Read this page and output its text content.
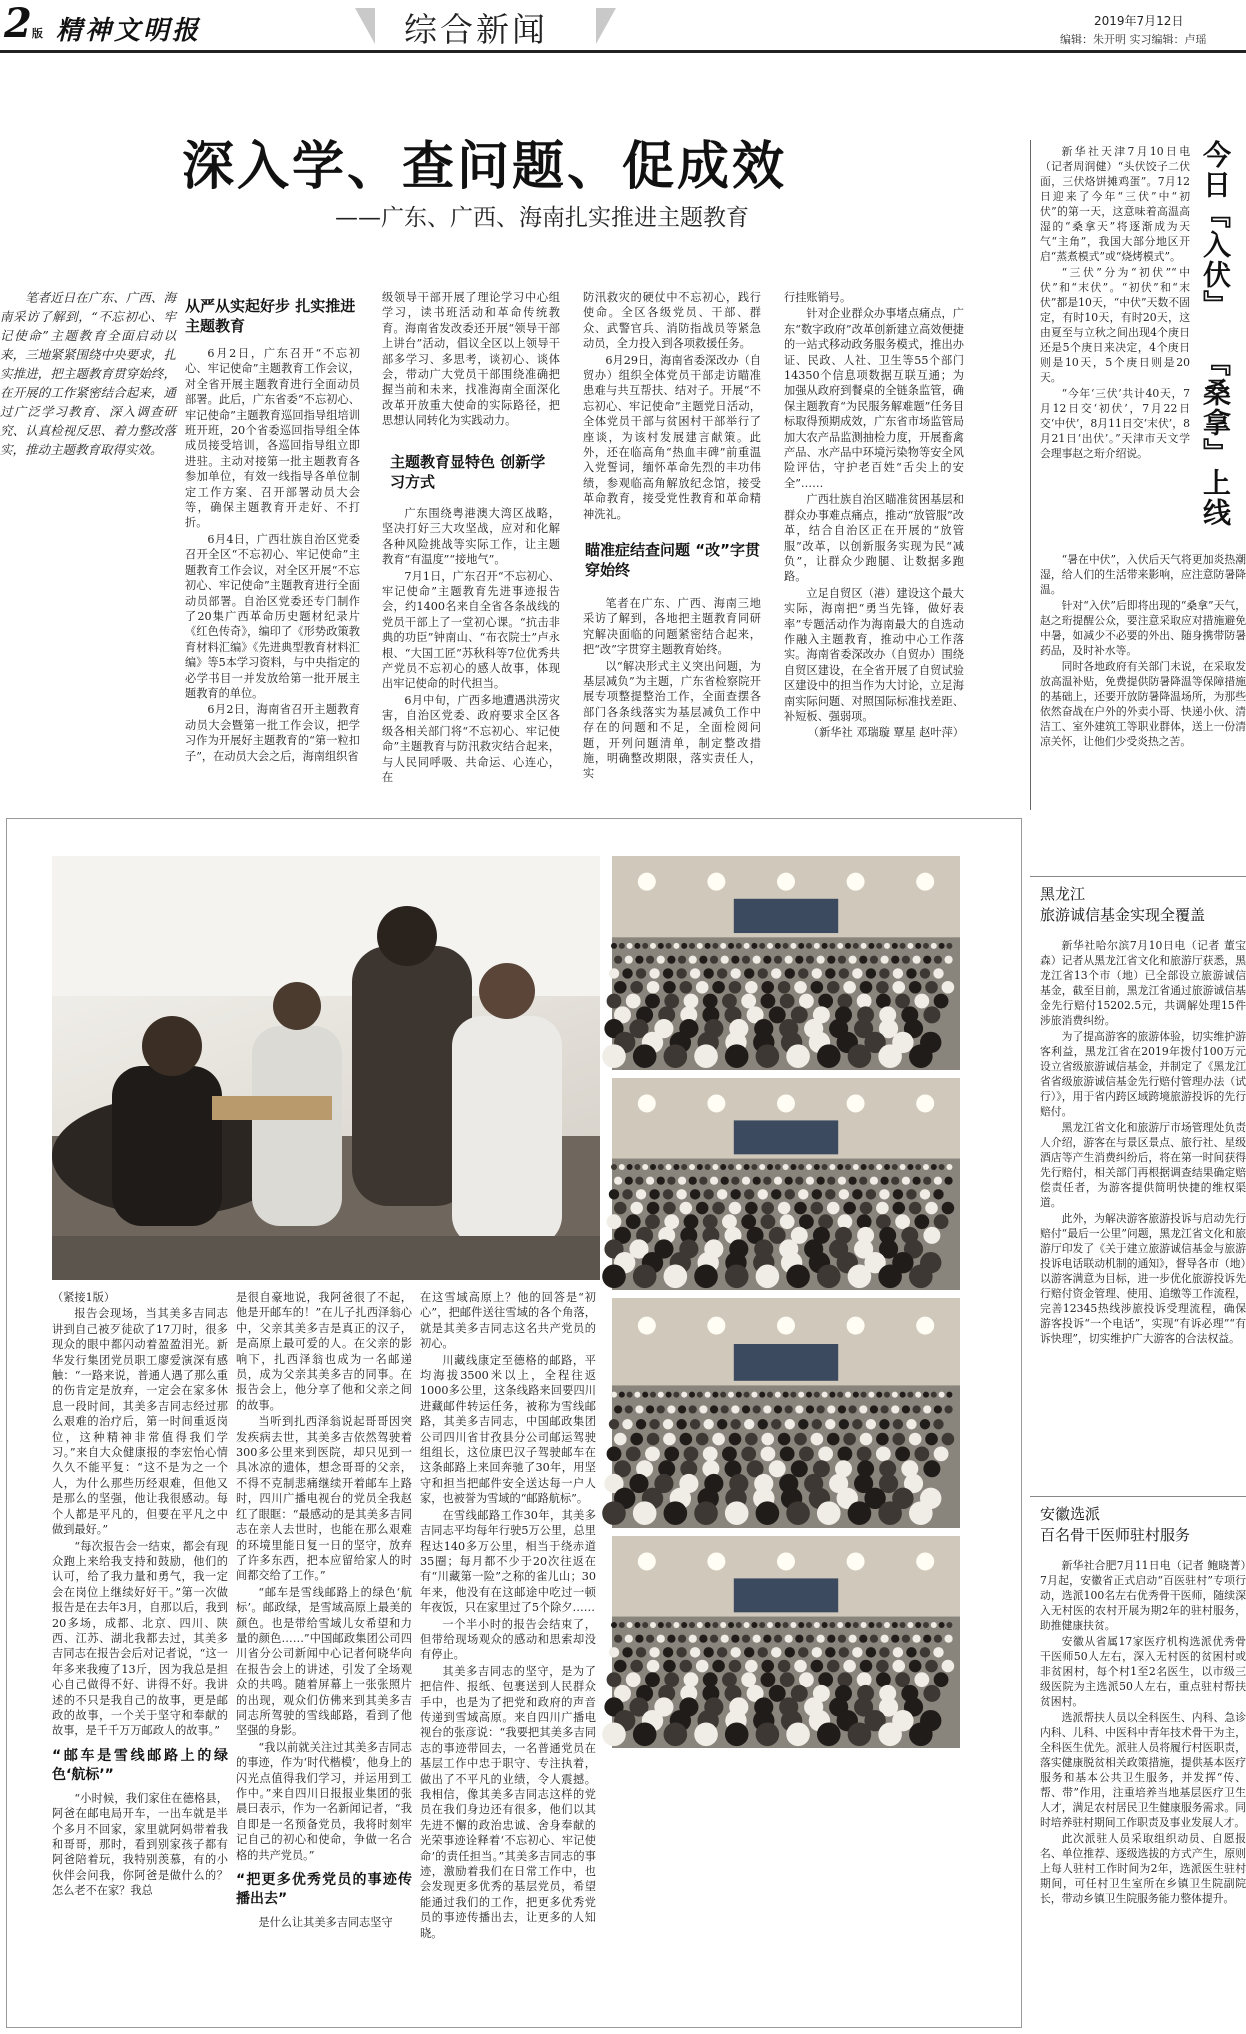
2版 精神文明报	综合新闻	2019年7月12日
编辑：朱开明 实习编辑：卢瑶
深入学、查问题、促成效
——广东、广西、海南扎实推进主题教育

笔者近日在广东、广西、海南采访了解到，“不忘初心、牢记使命”主题教育全面启动以来，三地紧紧围绕中央要求，扎实推进，把主题教育贯穿始终，在开展的工作紧密结合起来，通过广泛学习教育、深入调查研究、认真检视反思、着力整改落实，推动主题教育取得实效。

从严从实起好步 扎实推进主题教育

6月2日，广东召开“不忘初心、牢记使命”主题教育工作会议，对全省开展主题教育进行全面动员部署。此后，广东省委“不忘初心、牢记使命”主题教育巡回指导组培训班开班，20个省委巡回指导组全体成员接受培训，各巡回指导组立即进驻。主动对接第一批主题教育各参加单位，有效一线指导各单位制定工作方案、召开部署动员大会等，确保主题教育开走好、不打折。

6月4日，广西壮族自治区党委召开全区“不忘初心、牢记使命”主题教育工作会议，对全区开展“不忘初心、牢记使命”主题教育进行全面动员部署。自治区党委还专门制作了20集广西革命历史题材纪录片《红色传奇》，编印了《形势政策教育材料汇编》《先进典型教育材料汇编》等5本学习资料，与中央指定的必学书目一并发放给第一批开展主题教育的单位。

6月2日，海南省召开主题教育动员大会暨第一批工作会议，把学习作为开展好主题教育的“第一粒扣子”，在动员大会之后，海南组织省

级领导干部开展了理论学习中心组学习，读书班活动和革命传统教育。海南省发改委还开展“领导干部上讲台”活动，倡议全区以上领导干部多学习、多思考，谈初心、谈体会，带动广大党员干部围绕准确把握当前和未来，找准海南全面深化改革开放重大使命的实际路径，把思想认同转化为实践动力。

主题教育显特色 创新学习方式

广东围绕粤港澳大湾区战略，坚决打好三大攻坚战，应对和化解各种风险挑战等实际工作，让主题教育“有温度”“接地气”。

7月1日，广东召开“不忘初心、牢记使命”主题教育先进事迹报告会，约1400名来自全省各条战线的党员干部上了一堂初心课。“抗击非典的功臣”钟南山、“布衣院士”卢永根、“大国工匠”苏秋科等7位优秀共产党员不忘初心的感人故事，体现出牢记使命的时代担当。

6月中旬，广西多地遭遇洪涝灾害，自治区党委、政府要求全区各级各相关部门将“不忘初心、牢记使命”主题教育与防汛救灾结合起来，与人民同呼吸、共命运、心连心，在

防汛救灾的硬仗中不忘初心，践行使命。全区各级党员、干部、群众、武警官兵、消防指战员等紧急动员，全力投入到各项救援任务。

6月29日，海南省委深改办（自贸办）组织全体党员干部走访瞄准患难与共互帮扶、结对子。开展“不忘初心、牢记使命”主题党日活动，全体党员干部与贫困村干部举行了座谈，为该村发展建言献策。此外，还在临高角“热血丰碑”前重温入党誓词，缅怀革命先烈的丰功伟绩，参观临高角解放纪念馆，接受革命教育，接受党性教育和革命精神洗礼。

瞄准症结查问题 “改”字贯穿始终

笔者在广东、广西、海南三地采访了解到，各地把主题教育同研究解决面临的问题紧密结合起来，把“改”字贯穿主题教育始终。

以“解决形式主义突出问题，为基层减负”为主题，广东省检察院开展专项整提整治工作，全面查摆各部门各条线落实为基层减负工作中存在的问题和不足，全面检阅问题，开列问题清单，制定整改措施，明确整改期限，落实责任人，实

行挂账销号。

针对企业群众办事堵点痛点，广东“数字政府”改革创新建立高效便捷的一站式移动政务服务模式，推出办证、民政、人社、卫生等55个部门14350个信息项数据互联互通；为加强从政府到餐桌的全链条监管，确保主题教育“为民服务解难题”任务目标取得预期成效，广东省市场监管局加大农产品监测抽检力度，开展畜禽产品、水产品中环境污染物等安全风险评估，守护老百姓“舌尖上的安全”……

广西壮族自治区瞄准贫困基层和群众办事难点痛点，推动“放管服”改革，结合自治区正在开展的“放管服”改革，以创新服务实现为民“减负”，让群众少跑腿、让数据多跑路。

立足自贸区（港）建设这个最大实际，海南把“勇当先锋，做好表率”专题活动作为海南最大的自选动作融入主题教育，推动中心工作落实。海南省委深改办（自贸办）围绕自贸区建设，在全省开展了自贸试验区建设中的担当作为大讨论，立足海南实际问题、对照国际标准找差距、补短板、强弱项。

（新华社 邓瑞璇 覃星 赵叶萍）

新华社天津7月10日电（记者周润健）“头伏饺子二伏面，三伏烙饼摊鸡蛋”。7月12日迎来了今年“三伏”中“初伏”的第一天，这意味着高温高湿的“桑拿天”将逐渐成为天气“主角”，我国大部分地区开启“蒸煮模式”或“烧烤模式”。

“三伏”分为“初伏”“中伏”和“末伏”。“初伏”和“末伏”都是10天，“中伏”天数不固定，有时10天，有时20天，这由夏至与立秋之间出现4个庚日还是5个庚日来决定，4个庚日则是10天，5个庚日则是20天。

“今年‘三伏’共计40天，7月12日交‘初伏’，7月22日交‘中伏’，8月11日交‘末伏’，8月21日‘出伏’。”天津市天文学会理事赵之珩介绍说。

今日『入伏』
『桑拿』上线

“暑在中伏”，入伏后天气将更加炎热潮湿，给人们的生活带来影响，应注意防暑降温。

针对“入伏”后即将出现的“桑拿”天气，赵之珩提醒公众，要注意采取应对措施避免中暑，如减少不必要的外出、随身携带防暑药品，及时补水等。

同时各地政府有关部门未说，在采取发放高温补贴，免费提供防暑降温等保障措施的基础上，还要开放防暑降温场所，为那些依然奋战在户外的外卖小哥、快递小伙、清洁工、室外建筑工等职业群体，送上一份清凉关怀，让他们少受炎热之苦。

黑龙江
旅游诚信基金实现全覆盖

新华社哈尔滨7月10日电（记者 董宝森）记者从黑龙江省文化和旅游厅获悉，黑龙江省13个市（地）已全部设立旅游诚信基金，截至目前，黑龙江省通过旅游诚信基金先行赔付15202.5元，共调解处理15件涉旅消费纠纷。

为了提高游客的旅游体验，切实维护游客利益，黑龙江省在2019年拨付100万元设立省级旅游诚信基金，并制定了《黑龙江省省级旅游诚信基金先行赔付管理办法（试行）》，用于省内跨区域跨境旅游投诉的先行赔付。

黑龙江省文化和旅游厅市场管理处负责人介绍，游客在与景区景点、旅行社、星级酒店等产生消费纠纷后，将在第一时间获得先行赔付，相关部门再根据调查结果确定赔偿责任者，为游客提供简明快捷的维权渠道。

此外，为解决游客旅游投诉与启动先行赔付“最后一公里”问题，黑龙江省文化和旅游厅印发了《关于建立旅游诚信基金与旅游投诉电话联动机制的通知》，督导各市（地）以游客满意为目标，进一步优化旅游投诉先行赔付资金管理、使用、追缴等工作流程，完善12345热线涉旅投诉受理流程，确保游客投诉“一个电话”，实现“有诉必理”“有诉快理”，切实维护广大游客的合法权益。

安徽选派
百名骨干医师驻村服务

新华社合肥7月11日电（记者 鲍晓菁）7月起，安徽省正式启动“百医驻村”专项行动，选派100名左右优秀骨干医师，随续深入无村医的农村开展为期2年的驻村服务，助推健康扶贫。

安徽从省属17家医疗机构选派优秀骨干医师50人左右，深入无村医的贫困村或非贫困村，每个村1至2名医生，以市级三级医院为主选派50人左右，重点驻村帮扶贫困村。

选派帮扶人员以全科医生、内科、急诊内科、儿科、中医科中青年技术骨干为主，全科医生优先。派驻人员将履行村医职责，落实健康脱贫相关政策措施，提供基本医疗服务和基本公共卫生服务，并发挥“传、帮、带”作用，注重培养当地基层医疗卫生人才，满足农村居民卫生健康服务需求。同时培养驻村期间工作职责及事业发展人才。

此次派驻人员采取组织动员、自愿报名、单位推荐、逐级选拔的方式产生，原则上每人驻村工作时间为2年，选派医生驻村期间，可任村卫生室所在乡镇卫生院副院长，带动乡镇卫生院服务能力整体提升。

（紧接1版）

报告会现场，当其美多吉同志讲到自己被歹徒砍了17刀时，很多现众的眼中都闪动着盈盈泪光。新华发行集团党员职工廖爱演深有感触：“一路来说，普通人遇了那么重的伤肯定是放弃，一定会在家多休息一段时间，其美多吉同志经过那么艰难的治疗后，第一时间重返岗位，这种精神非常值得我们学习。”来自大众健康报的李宏怡心情久久不能平复：“这不是为之一个人，为什么那些历经艰难，但他又是那么的坚强，他让我很感动。每个人都是平凡的，但要在平凡之中做到最好。”

“每次报告会一结束，都会有现众跑上来给我支持和鼓励，他们的认可，给了我力量和勇气，我一定会在岗位上继续好好干。”第一次做报告是在去年3月，自那以后，我到20多场，成都、北京、四川、陕西、江苏、湖北我都去过，其美多吉同志在报告会后对记者说，“这一年多来我瘦了13斤，因为我总是担心自己做得不好、讲得不好。我讲述的不只是我自己的故事，更是邮政的故事，一个关于坚守和奉献的故事，是千千万万邮政人的故事。”

“邮车是雪线邮路上的绿色‘航标’”

“小时候，我们家住在德格县，阿爸在邮电局开车，一出车就是半个多月不回家，家里就阿妈带着我和哥哥，那时，看到别家孩子都有阿爸陪着玩，我特别羡慕，有的小伙伴会问我，你阿爸是做什么的？怎么老不在家？我总

是很自豪地说，我阿爸很了不起，他是开邮车的！”在儿子扎西泽翁心中，父亲其美多吉是真正的汉子，是高原上最可爱的人。在父亲的影响下，扎西泽翁也成为一名邮递员，成为父亲其美多吉的同事。在报告会上，他分享了他和父亲之间的故事。

当听到扎西泽翁说起哥哥因突发疾病去世，其美多吉依然驾驶着300多公里来到医院，却只见到一具冰凉的遗体，想念哥哥的父亲，不得不克制悲痛继续开着邮车上路时，四川广播电视台的党员全我赵红了眼眶：“最感动的是其美多吉同志在亲人去世时，也能在那么艰难的环境里能日复一日的坚守，放弃了许多东西，把本应留给家人的时间都交给了工作。”

“邮车是雪线邮路上的绿色‘航标’。邮政绿，是雪域高原上最美的颜色。也是带给雪域儿女希望和力量的颜色……”中国邮政集团公司四川省分公司新闻中心记者何晓华向在报告会上的讲述，引发了全场观众的共鸣。随着屏幕上一张张照片的出现，观众们仿佛来到其美多吉同志所驾驶的雪线邮路，看到了他坚强的身影。

“我以前就关注过其美多吉同志的事迹，作为‘时代楷模’，他身上的闪光点值得我们学习，并运用到工作中。”来自四川日报报业集团的张晨曰表示，作为一名新闻记者，“我自即是一名预备党员，我将时刻牢记自己的初心和使命，争做一名合格的共产党员。”

“把更多优秀党员的事迹传播出去”

是什么让其美多吉同志坚守

在这雪域高原上？他的回答是“初心”，把邮件送往雪域的各个角落，就是其美多吉同志这名共产党员的初心。

川藏线康定至德格的邮路，平均海拔3500米以上，全程往返1000多公里，这条线路来回要四川进藏邮件转运任务，被称为雪线邮路，其美多吉同志，中国邮政集团公司四川省甘孜县分公司邮运驾驶组组长，这位康巴汉子驾驶邮车在这条邮路上来回奔驰了30年，用坚守和担当把邮件安全送达每一户人家，也被誉为雪域的“邮路航标”。

在雪线邮路工作30年，其美多吉同志平均每年行驶5万公里，总里程达140多万公里，相当于绕赤道35圈；每月都不少于20次往返在有“川藏第一险”之称的雀儿山；30年来，他没有在这邮途中吃过一顿年夜饭，只在家里过了5个除夕……

一个半小时的报告会结束了，但带给现场观众的感动和思索却没有停止。

其美多吉同志的坚守，是为了把信件、报纸、包裹送到人民群众手中，也是为了把党和政府的声音传递到雪域高原。来自四川广播电视台的张彦说：“我要把其美多吉同志的事迹带回去，一名普通党员在基层工作中忠于职守、专注执着，做出了不平凡的业绩，令人震撼。我相信，像其美多吉同志这样的党员在我们身边还有很多，他们以其先进不懈的政治忠诚、舍身奉献的光荣事迹诠释着‘不忘初心、牢记使命’的责任担当。”其美多吉同志的事迹，激励着我们在日常工作中，也会发现更多优秀的基层党员，希望能通过我们的工作，把更多优秀党员的事迹传播出去，让更多的人知晓。
